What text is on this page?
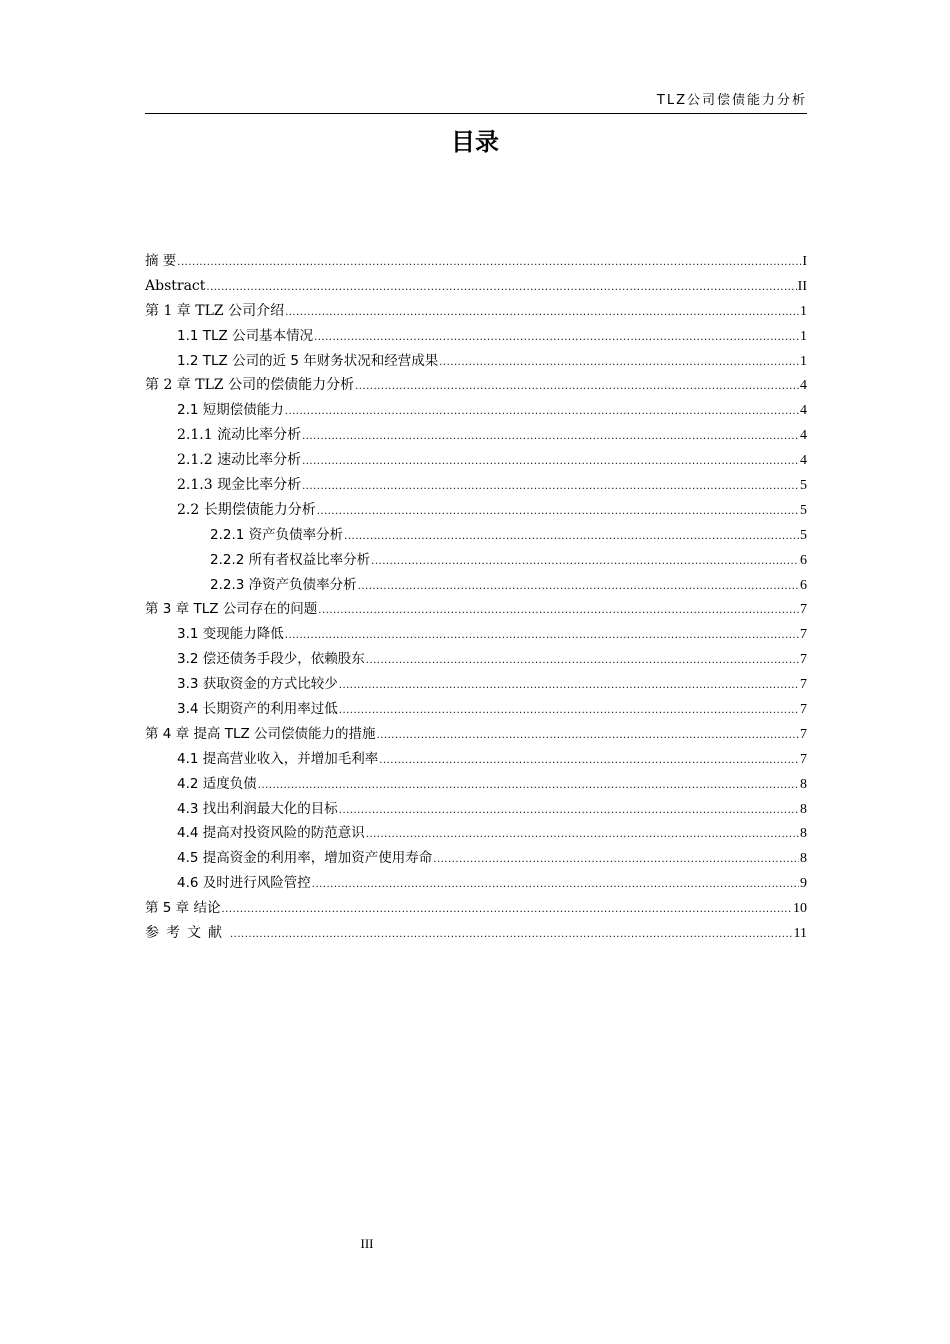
TLZ公司偿债能力分析
目录
摘 要 .....	I
Abstract .....	II
第 1 章 TLZ 公司介绍 .....	1
1.1 TLZ 公司基本情况 .....	1
1.2 TLZ 公司的近 5 年财务状况和经营成果 .....	1
第 2 章 TLZ 公司的偿债能力分析 .....	4
2.1 短期偿债能力 .....	4
2.1.1 流动比率分析 .....	4
2.1.2 速动比率分析 .....	4
2.1.3 现金比率分析 .....	5
2.2 长期偿债能力分析 .....	5
2.2.1 资产负债率分析 .....	5
2.2.2 所有者权益比率分析 .....	6
2.2.3 净资产负债率分析 .....	6
第 3 章 TLZ 公司存在的问题 .....	7
3.1 变现能力降低 .....	7
3.2 偿还债务手段少，依赖股东 .....	7
3.3 获取资金的方式比较少 .....	7
3.4 长期资产的利用率过低 .....	7
第 4 章 提高 TLZ 公司偿债能力的措施 .....	7
4.1 提高营业收入，并增加毛利率 .....	7
4.2 适度负债 .....	8
4.3 找出利润最大化的目标 .....	8
4.4 提高对投资风险的防范意识 .....	8
4.5 提高资金的利用率，增加资产使用寿命 .....	8
4.6 及时进行风险管控 .....	9
第 5 章 结论 .....	10
参考文献 .....	11
III
